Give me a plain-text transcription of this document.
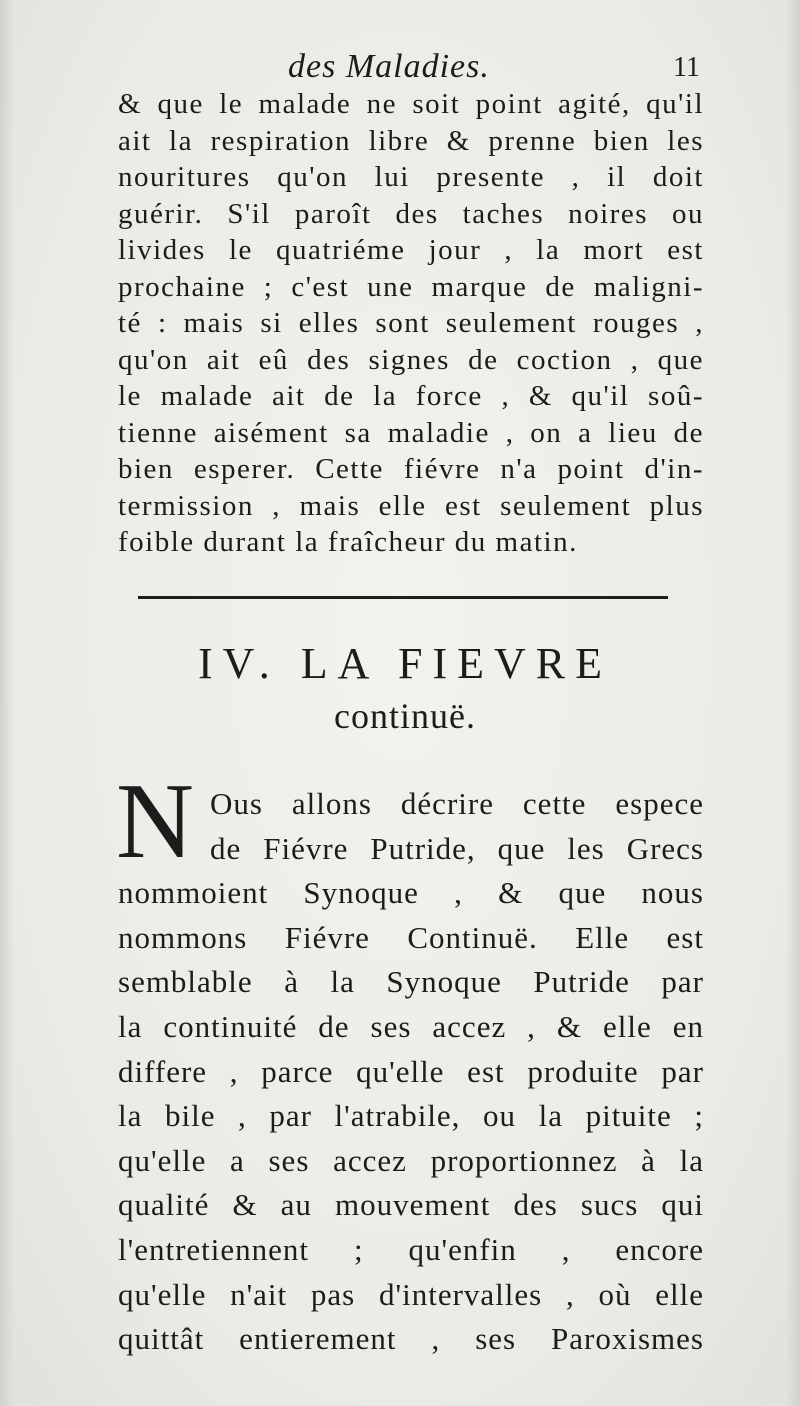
des Maladies.	11
& que le malade ne soit point agité, qu'il
ait la respiration libre & prenne bien les
nouritures qu'on lui presente , il doit
guérir. S'il paroît des taches noires ou
livides le quatriéme jour , la mort est
prochaine ; c'est une marque de maligni-
té : mais si elles sont seulement rouges ,
qu'on ait eû des signes de coction , que
le malade ait de la force , & qu'il soû-
tienne aisément sa maladie , on a lieu de
bien esperer. Cette fiévre n'a point d'in-
termission , mais elle est seulement plus
foible durant la fraîcheur du matin.
IV. LA FIEVRE
continuë.
N Ous allons décrire cette espece
de Fiévre Putride, que les Grecs
nommoient Synoque , & que nous
nommons Fiévre Continuë. Elle est
semblable à la Synoque Putride par
la continuité de ses accez , & elle en
differe , parce qu'elle est produite par
la bile , par l'atrabile, ou la pituite ;
qu'elle a ses accez proportionnez à la
qualité & au mouvement des sucs qui
l'entretiennent ; qu'enfin , encore
qu'elle n'ait pas d'intervalles , où elle
quittât entierement , ses Paroxismes
